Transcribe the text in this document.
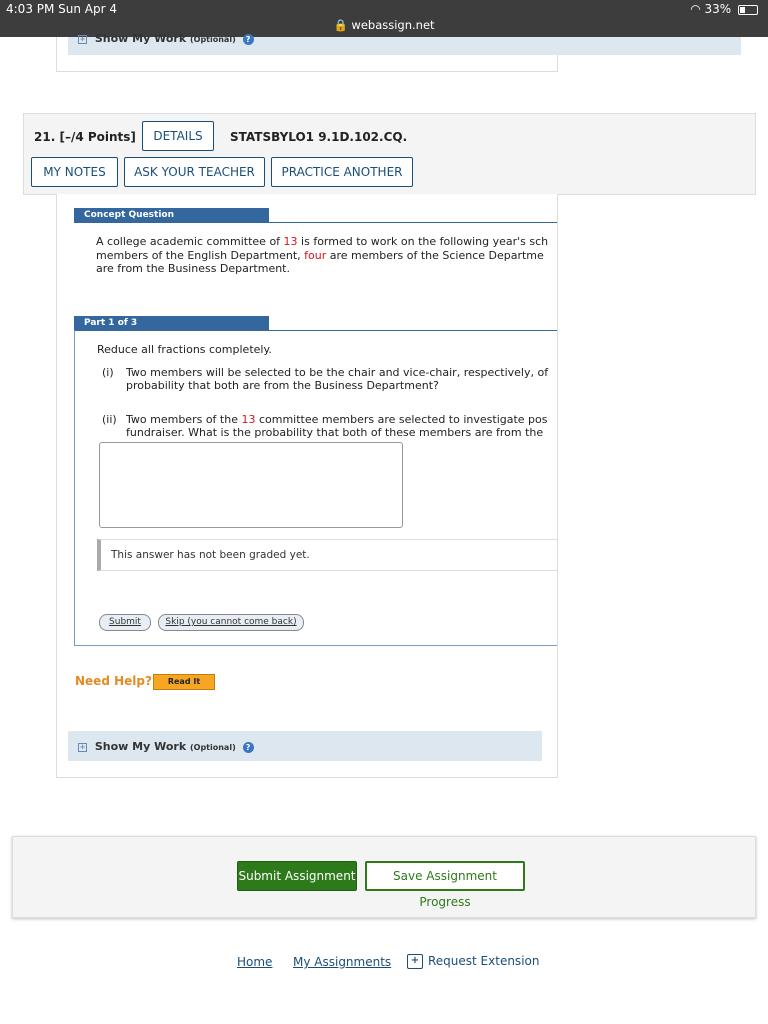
4:03 PM Sun Apr 4
🔒 webassign.net
◠ 33%
+ Show My Work (Optional) ?
21. [–/4 Points]	DETAILS	STATSBYLO1 9.1D.102.CQ.
MY NOTES	ASK YOUR TEACHER	PRACTICE ANOTHER
Concept Question
A college academic committee of 13 is formed to work on the following year's sch
members of the English Department, four are members of the Science Departme
are from the Business Department.
Part 1 of 3
Reduce all fractions completely.
(i) Two members will be selected to be the chair and vice-chair, respectively, of
probability that both are from the Business Department?
(ii) Two members of the 13 committee members are selected to investigate pos
fundraiser. What is the probability that both of these members are from the
This answer has not been graded yet.
Submit	Skip (you cannot come back)
Need Help?	Read It
+ Show My Work (Optional) ?
Submit Assignment	Save Assignment Progress
Home My Assignments	+ Request Extension
